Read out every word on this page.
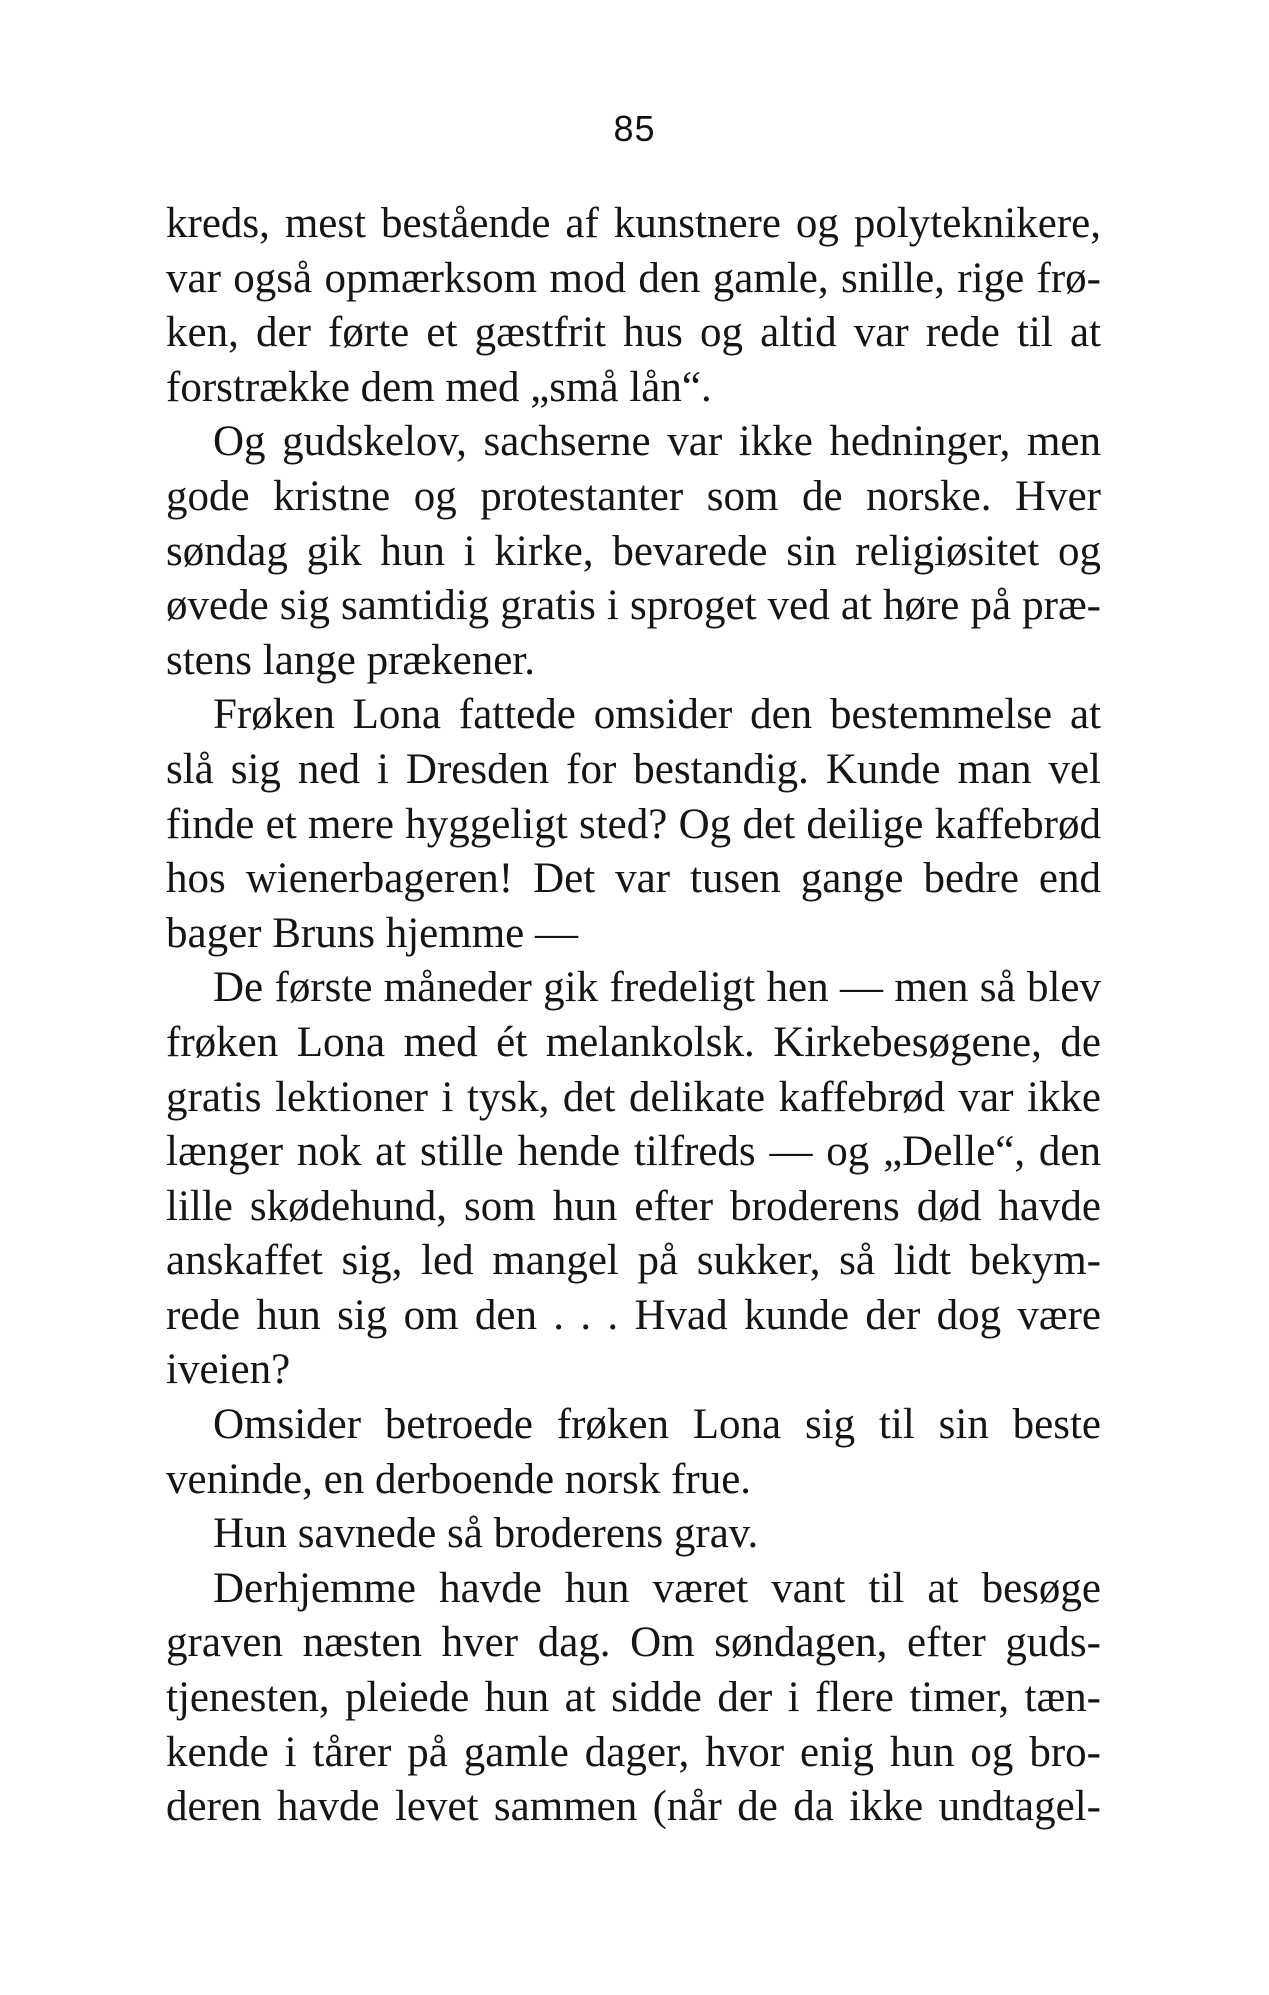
85
kreds, mest bestående af kunstnere og polyteknikere,
var også opmærksom mod den gamle, snille, rige frø-
ken, der førte et gæstfrit hus og altid var rede til at
forstrække dem med „små lån“.
Og gudskelov, sachserne var ikke hedninger, men
gode kristne og protestanter som de norske. Hver
søndag gik hun i kirke, bevarede sin religiøsitet og
øvede sig samtidig gratis i sproget ved at høre på præ-
stens lange prækener.
Frøken Lona fattede omsider den bestemmelse at
slå sig ned i Dresden for bestandig. Kunde man vel
finde et mere hyggeligt sted? Og det deilige kaffebrød
hos wienerbageren! Det var tusen gange bedre end
bager Bruns hjemme —
De første måneder gik fredeligt hen — men så blev
frøken Lona med ét melankolsk. Kirkebesøgene, de
gratis lektioner i tysk, det delikate kaffebrød var ikke
længer nok at stille hende tilfreds — og „Delle“, den
lille skødehund, som hun efter broderens død havde
anskaffet sig, led mangel på sukker, så lidt bekym-
rede hun sig om den . . . Hvad kunde der dog være
iveien?
Omsider betroede frøken Lona sig til sin beste
veninde, en derboende norsk frue.
Hun savnede så broderens grav.
Derhjemme havde hun været vant til at besøge
graven næsten hver dag. Om søndagen, efter guds-
tjenesten, pleiede hun at sidde der i flere timer, tæn-
kende i tårer på gamle dager, hvor enig hun og bro-
deren havde levet sammen (når de da ikke undtagel-
